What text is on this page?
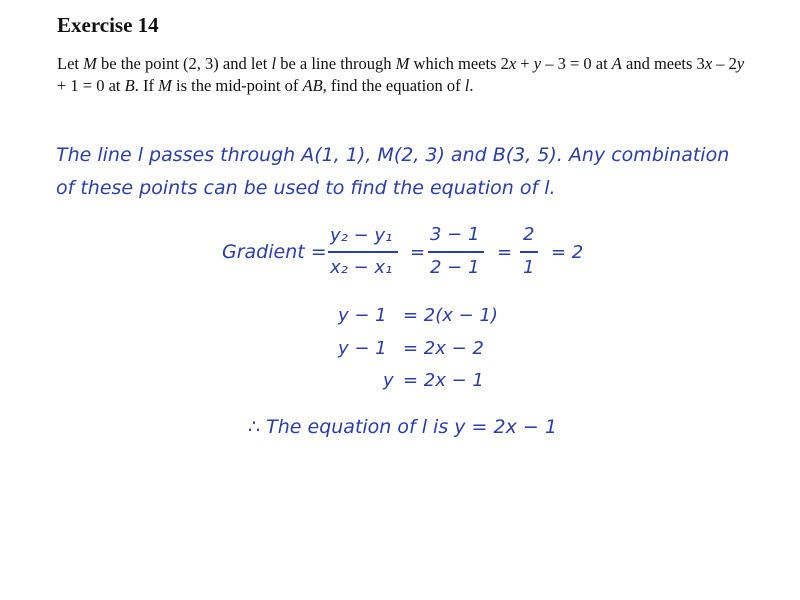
Exercise 14
Let M be the point (2, 3) and let l be a line through M which meets 2x + y – 3 = 0 at A and meets 3x – 2y + 1 = 0 at B. If M is the mid-point of AB, find the equation of l.
The line l passes through A(1, 1), M(2, 3) and B(3, 5). Any combination
of these points can be used to find the equation of l.
Gradient =
y₂ − y₁
x₂ − x₁
=
3 − 1
2 − 1
=
2
1
= 2
y − 1 = 2(x − 1)
y − 1 = 2x − 2
y = 2x − 1
∴ The equation of l is y = 2x − 1
